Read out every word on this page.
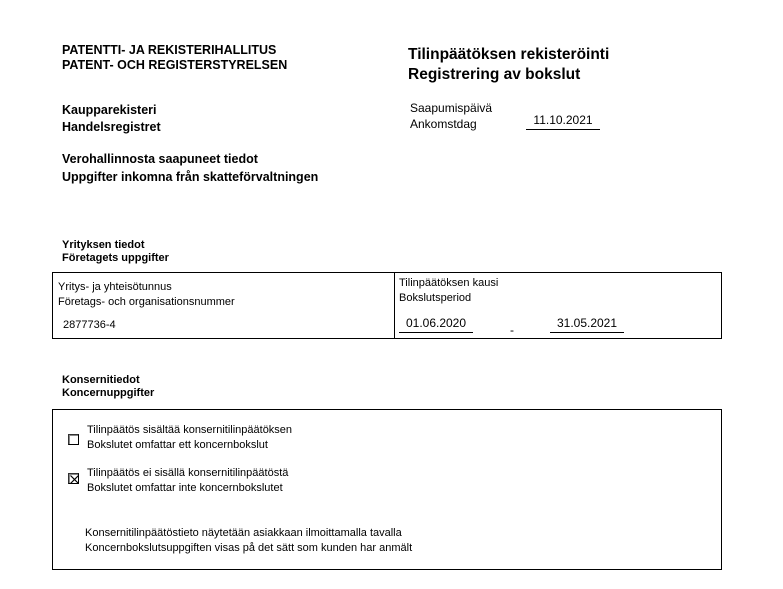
PATENTTI- JA REKISTERIHALLITUS
PATENT- OCH REGISTERSTYRELSEN
Tilinpäätöksen rekisteröinti
Registrering av bokslut
Kaupparekisteri
Handelsregistret
Saapumispäivä
Ankomstdag	11.10.2021
Verohallinnosta saapuneet tiedot
Uppgifter inkomna från skatteförvaltningen
Yrityksen tiedot
Företagets uppgifter
Yritys- ja yhteisötunnus
Företags- och organisationsnummer
2877736-4
Tilinpäätöksen kausi
Bokslutsperiod
01.06.2020	-	31.05.2021
Konsernitiedot
Koncernuppgifter
Tilinpäätös sisältää konsernitilinpäätöksen
Bokslutet omfattar ett koncernbokslut
Tilinpäätös ei sisällä konsernitilinpäätöstä
Bokslutet omfattar inte koncernbokslutet
Konsernitilinpäätöstieto näytetään asiakkaan ilmoittamalla tavalla
Koncernbokslutsuppgiften visas på det sätt som kunden har anmält
